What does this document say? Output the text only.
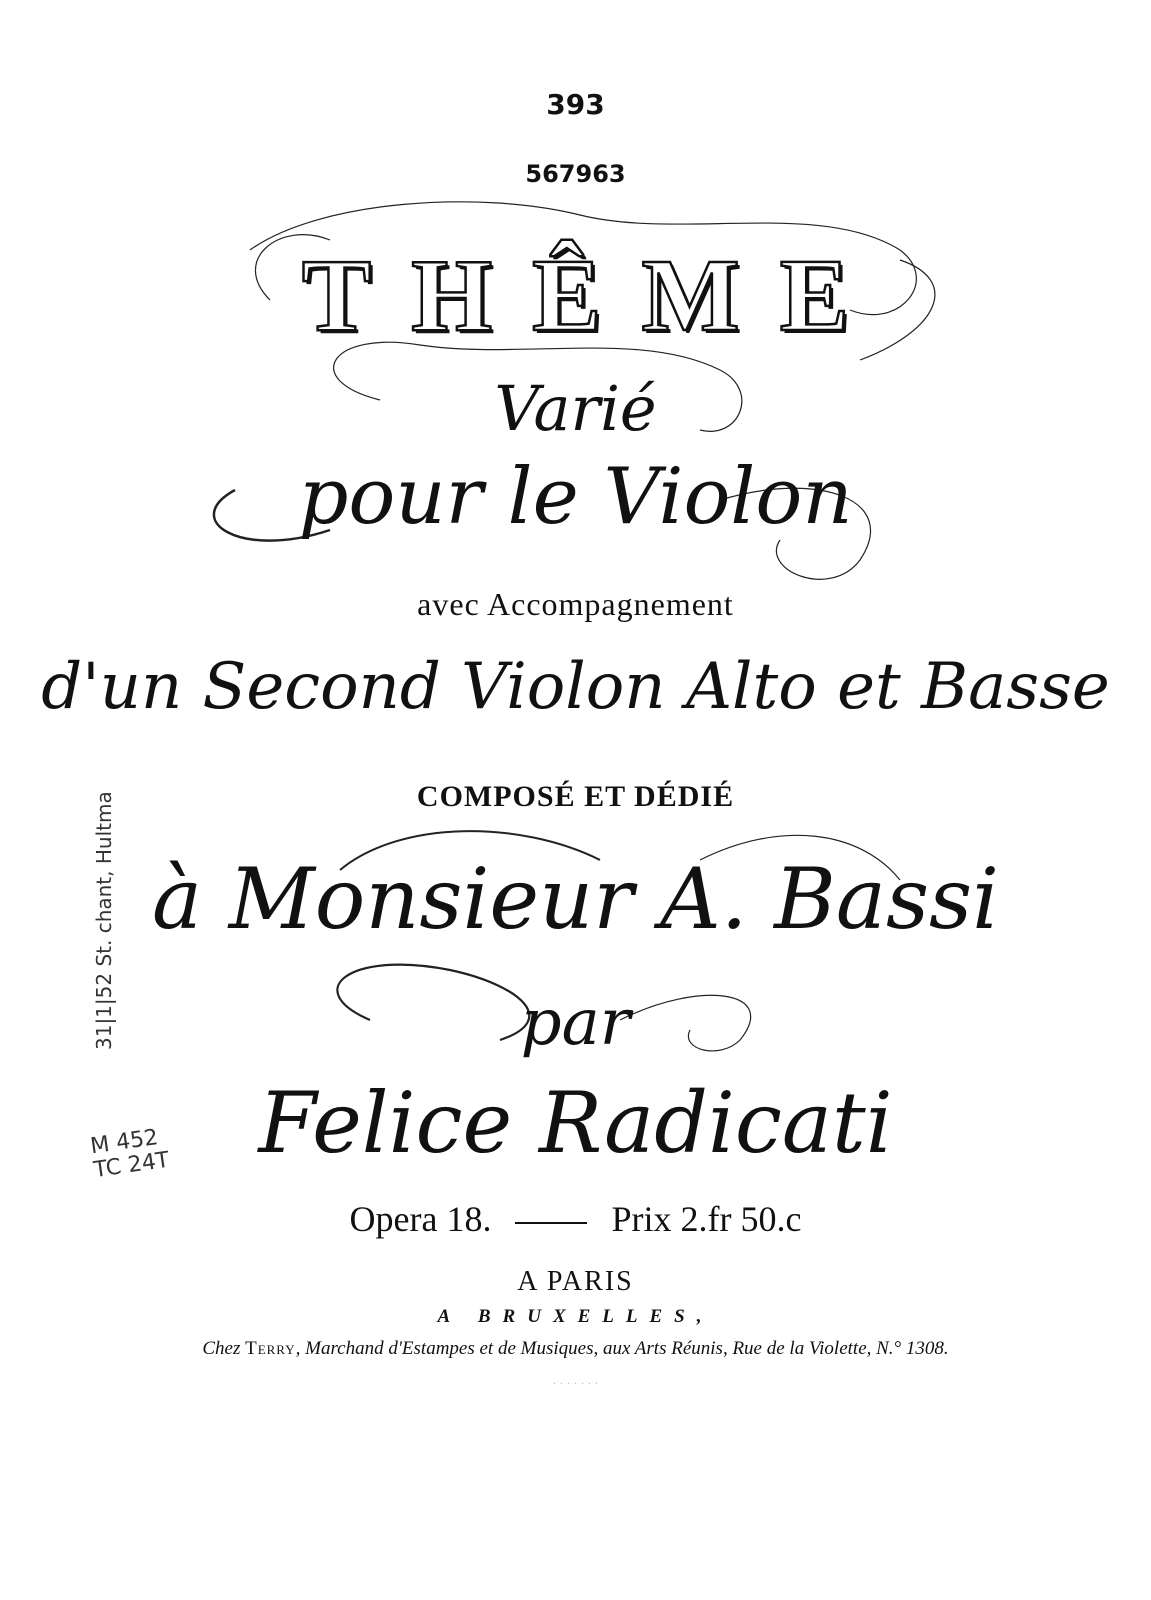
393
567963
THÊME
Varié
pour le Violon
avec Accompagnement
d'un Second Violon Alto et Basse
COMPOSÉ ET DÉDIÉ
à Monsieur A. Bassi
par
Felice Radicati
Opera 18.	Prix 2.fr 50.c
A PARIS
A BRUXELLES,
Chez Terry, Marchand d'Estampes et de Musiques, aux Arts Réunis, Rue de la Violette, N.° 1308.
· · · · · · ·
31|1|52 St. chant, Hultma
M 452
TC 24T
